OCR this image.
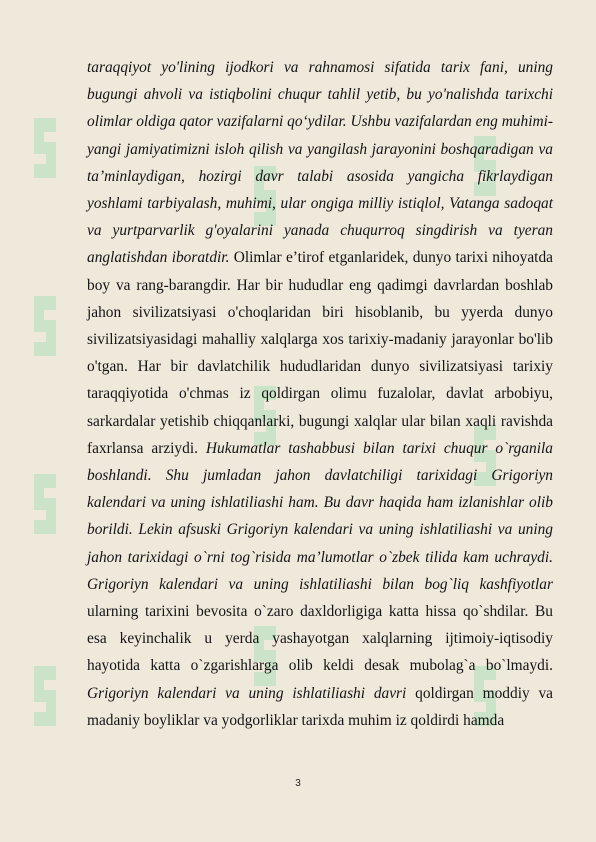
taraqqiyot yo'lining ijodkori va rahnamosi sifatida tarix fani, uning bugungi ahvoli va istiqbolini chuqur tahlil yetib, bu yo'nalishda tarixchi olimlar oldiga qator vazifalarni qo‘ydilar. Ushbu vazifalardan eng muhimi-yangi jamiyatimizni isloh qilish va yangilash jarayonini boshqaradigan va ta’minlaydigan, hozirgi davr talabi asosida yangicha fikrlaydigan yoshlami tarbiyalash, muhimi, ular ongiga milliy istiqlol, Vatanga sadoqat va yurtparvarlik g'oyalarini yanada chuqurroq singdirish va tyeran anglatishdan iboratdir. Olimlar e’tirof etganlaridek, dunyo tarixi nihoyatda boy va rang-barangdir. Har bir hududlar eng qadimgi davrlardan boshlab jahon sivilizatsiyasi o'choqlaridan biri hisoblanib, bu yyerda dunyo sivilizatsiyasidagi mahalliy xalqlarga xos tarixiy-madaniy jarayonlar bo'lib o'tgan. Har bir davlatchilik hududlaridan dunyo sivilizatsiyasi tarixiy taraqqiyotida o'chmas iz qoldirgan olimu fuzalolar, davlat arbobiyu, sarkardalar yetishib chiqqanlarki, bugungi xalqlar ular bilan xaqli ravishda faxrlansa arziydi. Hukumatlar tashabbusi bilan tarixi chuqur o`rganila boshlandi. Shu jumladan jahon davlatchiligi tarixidagi Grigoriyn kalendari va uning ishlatiliashi ham. Bu davr haqida ham izlanishlar olib borildi. Lekin afsuski Grigoriyn kalendari va uning ishlatiliashi va uning jahon tarixidagi o`rni tog`risida ma’lumotlar o`zbek tilida kam uchraydi. Grigoriyn kalendari va uning ishlatiliashi bilan bog`liq kashfiyotlar ularning tarixini bevosita o`zaro daxldorligiga katta hissa qo`shdilar. Bu esa keyinchalik u yerda yashayotgan xalqlarning ijtimoiy-iqtisodiy hayotida katta o`zgarishlarga olib keldi desak mubolag`a bo`lmaydi. Grigoriyn kalendari va uning ishlatiliashi davri qoldirgan moddiy va madaniy boyliklar va yodgorliklar tarixda muhim iz qoldirdi hamda
3
